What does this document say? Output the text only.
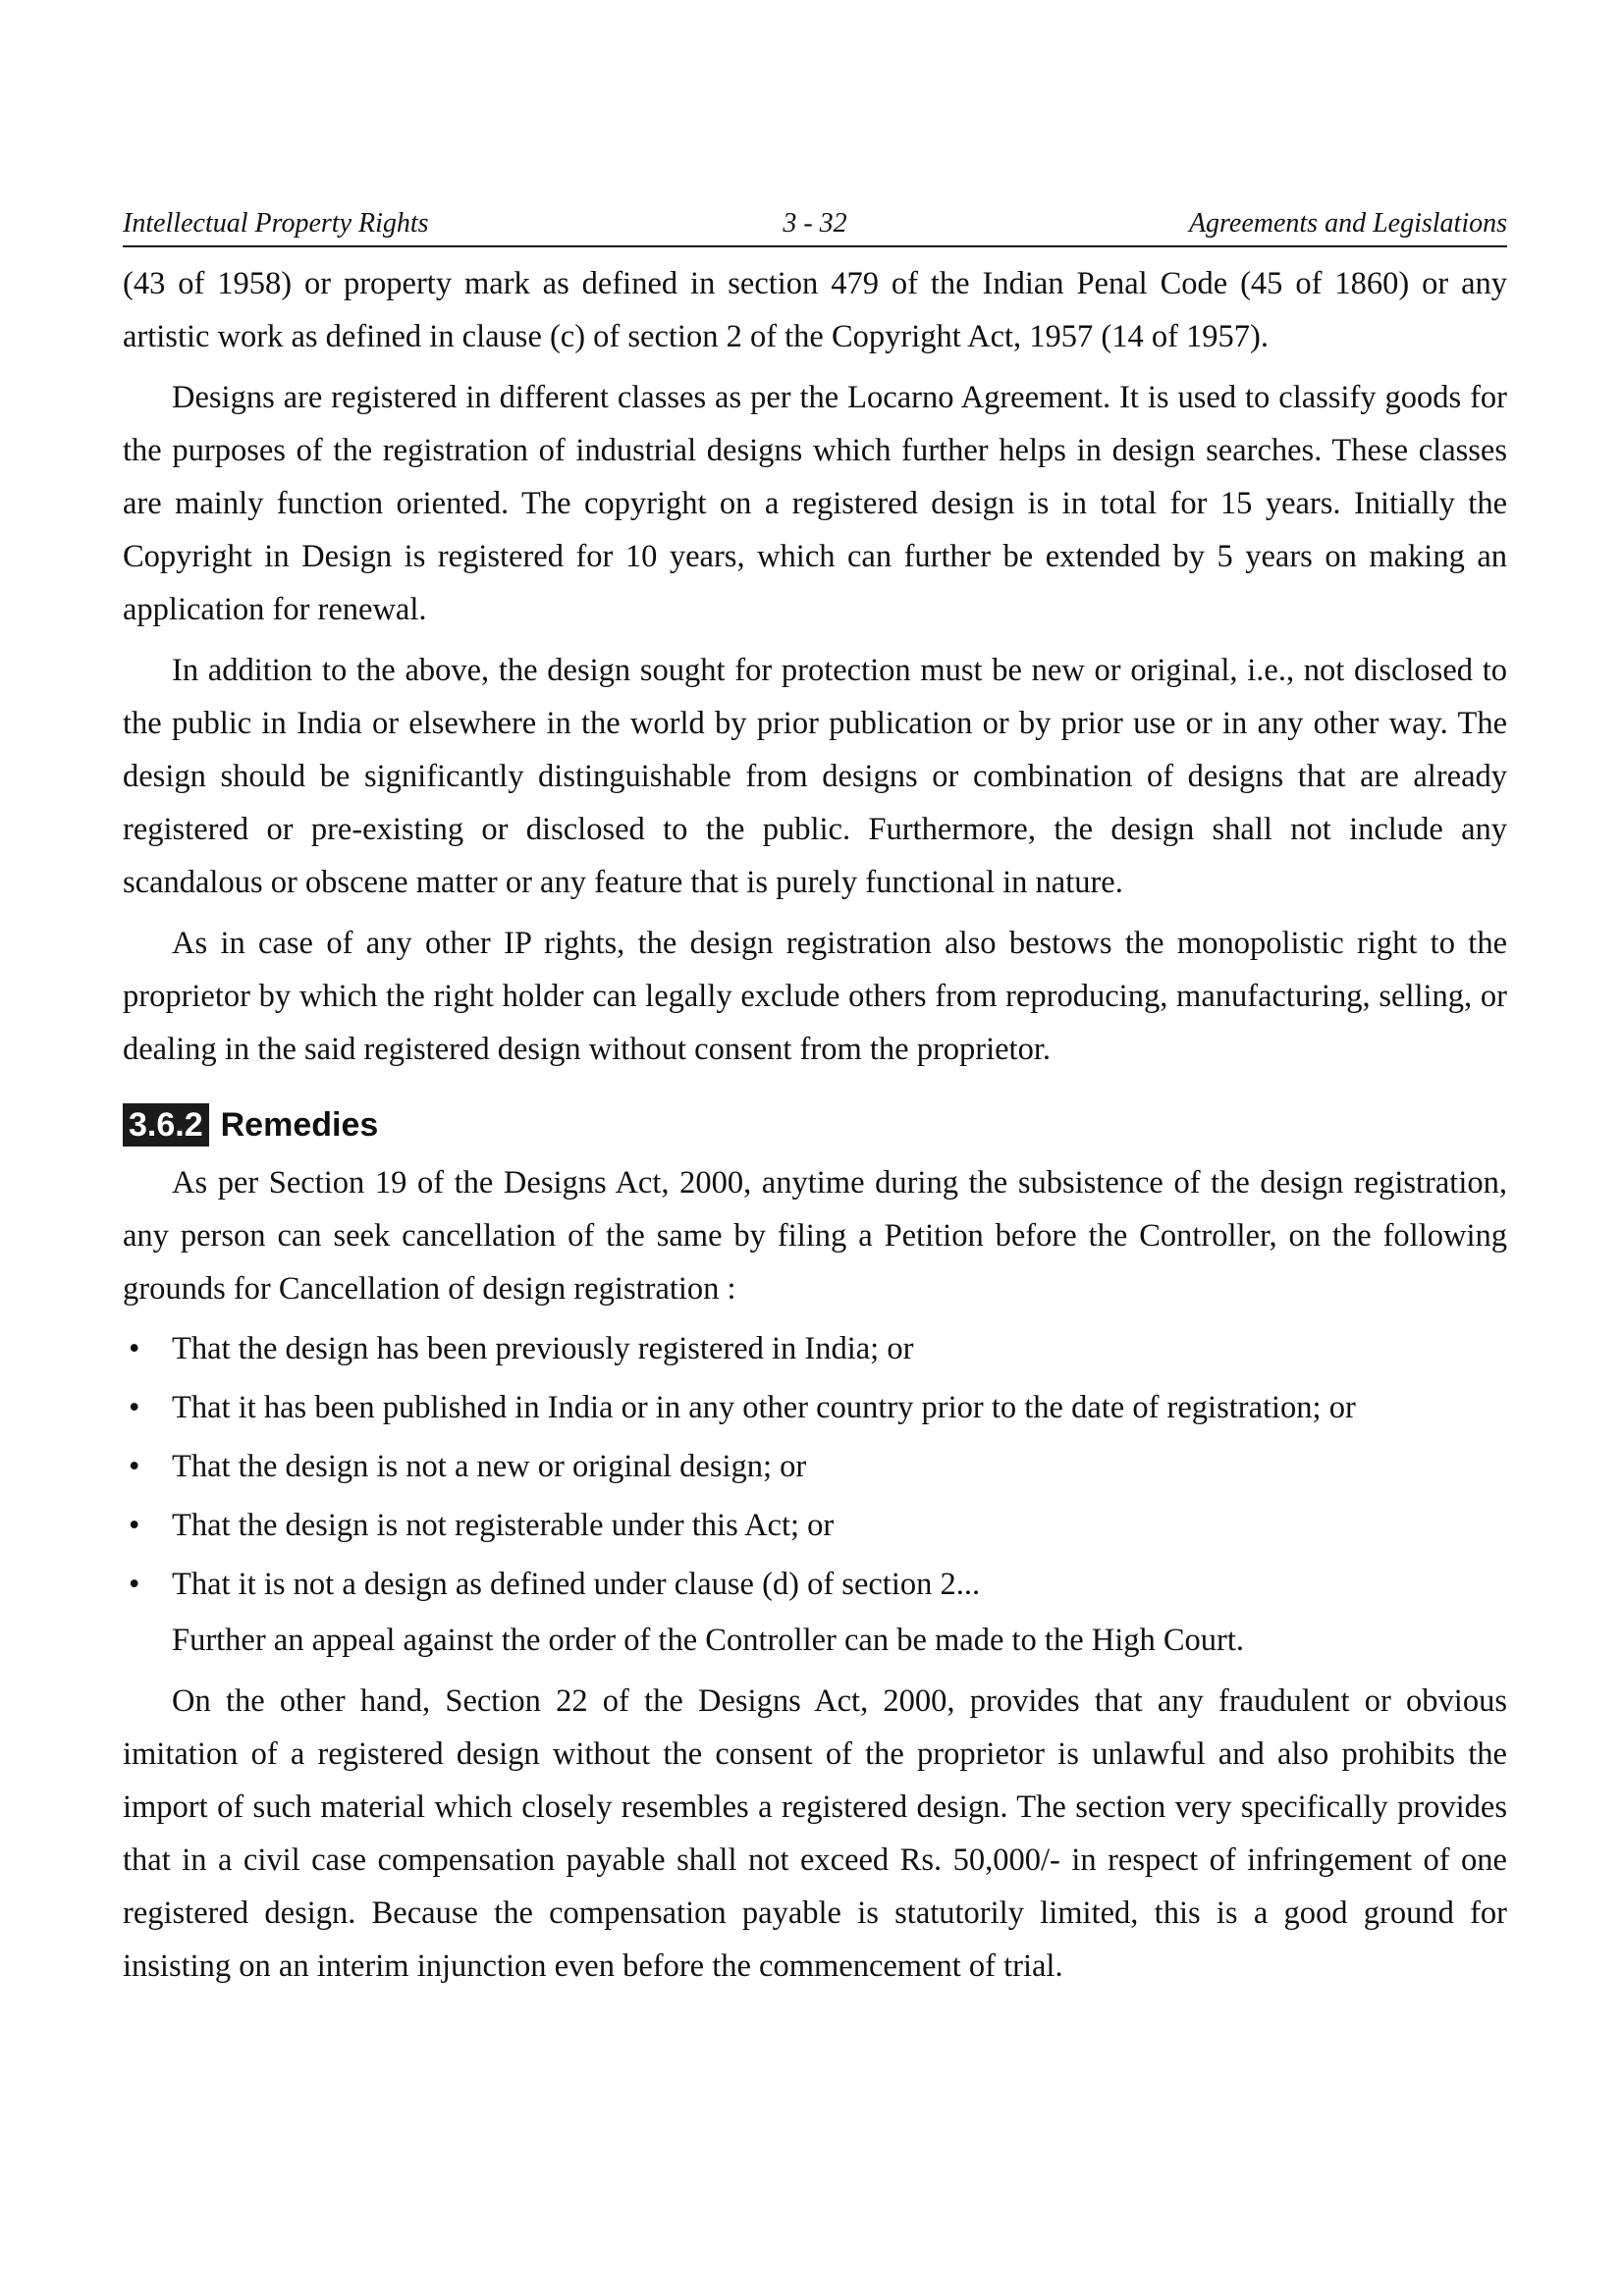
Intellectual Property Rights	3 - 32	Agreements and Legislations

(43 of 1958) or property mark as defined in section 479 of the Indian Penal Code (45 of 1860) or any artistic work as defined in clause (c) of section 2 of the Copyright Act, 1957 (14 of 1957).

Designs are registered in different classes as per the Locarno Agreement. It is used to classify goods for the purposes of the registration of industrial designs which further helps in design searches. These classes are mainly function oriented. The copyright on a registered design is in total for 15 years. Initially the Copyright in Design is registered for 10 years, which can further be extended by 5 years on making an application for renewal.

In addition to the above, the design sought for protection must be new or original, i.e., not disclosed to the public in India or elsewhere in the world by prior publication or by prior use or in any other way. The design should be significantly distinguishable from designs or combination of designs that are already registered or pre-existing or disclosed to the public. Furthermore, the design shall not include any scandalous or obscene matter or any feature that is purely functional in nature.

As in case of any other IP rights, the design registration also bestows the monopolistic right to the proprietor by which the right holder can legally exclude others from reproducing, manufacturing, selling, or dealing in the said registered design without consent from the proprietor.

3.6.2 Remedies

As per Section 19 of the Designs Act, 2000, anytime during the subsistence of the design registration, any person can seek cancellation of the same by filing a Petition before the Controller, on the following grounds for Cancellation of design registration :

• That the design has been previously registered in India; or
• That it has been published in India or in any other country prior to the date of registration; or
• That the design is not a new or original design; or
• That the design is not registerable under this Act; or
• That it is not a design as defined under clause (d) of section 2...

Further an appeal against the order of the Controller can be made to the High Court.

On the other hand, Section 22 of the Designs Act, 2000, provides that any fraudulent or obvious imitation of a registered design without the consent of the proprietor is unlawful and also prohibits the import of such material which closely resembles a registered design. The section very specifically provides that in a civil case compensation payable shall not exceed Rs. 50,000/- in respect of infringement of one registered design. Because the compensation payable is statutorily limited, this is a good ground for insisting on an interim injunction even before the commencement of trial.
